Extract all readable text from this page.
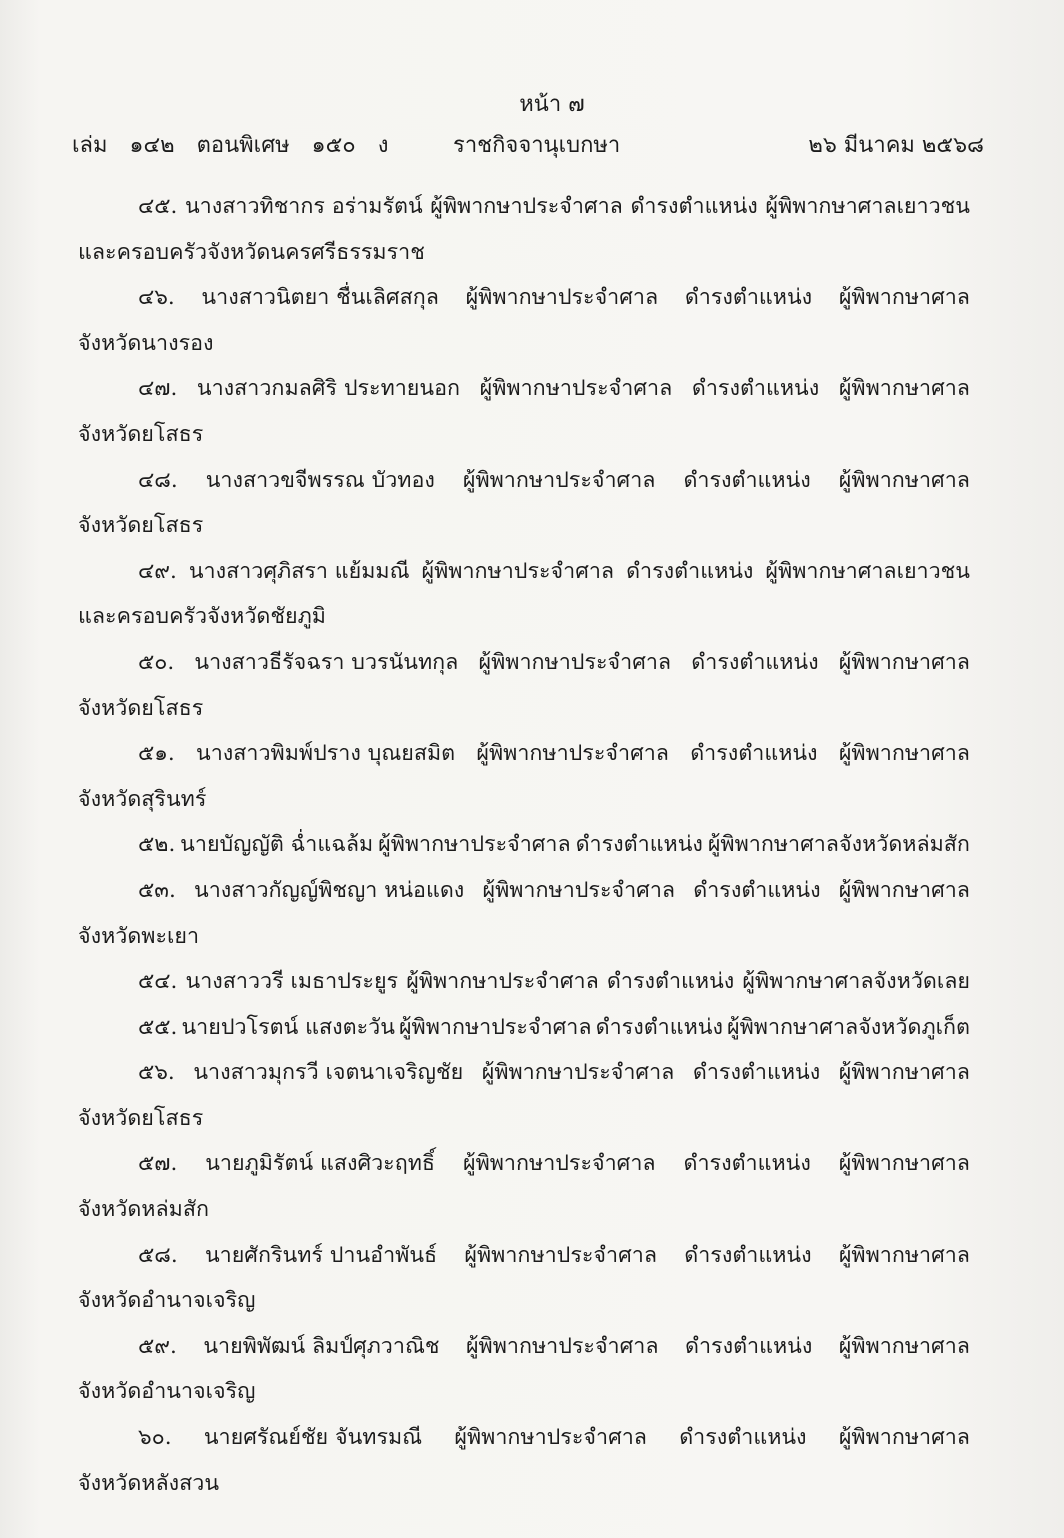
หน้า ๗
เล่ม ๑๔๒ ตอนพิเศษ ๑๕๐ ง	ราชกิจจานุเบกษา	๒๖ มีนาคม ๒๕๖๘
๔๕. นางสาวทิชากร อร่ามรัตน์ ผู้พิพากษาประจำศาล ดำรงตำแหน่ง ผู้พิพากษาศาลเยาวชน
และครอบครัวจังหวัดนครศรีธรรมราช
๔๖. นางสาวนิตยา ชื่นเลิศสกุล ผู้พิพากษาประจำศาล ดำรงตำแหน่ง ผู้พิพากษาศาล
จังหวัดนางรอง
๔๗. นางสาวกมลศิริ ประทายนอก ผู้พิพากษาประจำศาล ดำรงตำแหน่ง ผู้พิพากษาศาล
จังหวัดยโสธร
๔๘. นางสาวขจีพรรณ บัวทอง ผู้พิพากษาประจำศาล ดำรงตำแหน่ง ผู้พิพากษาศาล
จังหวัดยโสธร
๔๙. นางสาวศุภิสรา แย้มมณี ผู้พิพากษาประจำศาล ดำรงตำแหน่ง ผู้พิพากษาศาลเยาวชน
และครอบครัวจังหวัดชัยภูมิ
๕๐. นางสาวธีรัจฉรา บวรนันทกุล ผู้พิพากษาประจำศาล ดำรงตำแหน่ง ผู้พิพากษาศาล
จังหวัดยโสธร
๕๑. นางสาวพิมพ์ปราง บุณยสมิต ผู้พิพากษาประจำศาล ดำรงตำแหน่ง ผู้พิพากษาศาล
จังหวัดสุรินทร์
๕๒. นายบัญญัติ ฉ่ำแฉล้ม ผู้พิพากษาประจำศาล ดำรงตำแหน่ง ผู้พิพากษาศาลจังหวัดหล่มสัก
๕๓. นางสาวกัญญ์พิชญา หน่อแดง ผู้พิพากษาประจำศาล ดำรงตำแหน่ง ผู้พิพากษาศาล
จังหวัดพะเยา
๕๔. นางสาววรี เมธาประยูร ผู้พิพากษาประจำศาล ดำรงตำแหน่ง ผู้พิพากษาศาลจังหวัดเลย
๕๕. นายปวโรตน์ แสงตะวัน ผู้พิพากษาประจำศาล ดำรงตำแหน่ง ผู้พิพากษาศาลจังหวัดภูเก็ต
๕๖. นางสาวมุกรวี เจตนาเจริญชัย ผู้พิพากษาประจำศาล ดำรงตำแหน่ง ผู้พิพากษาศาล
จังหวัดยโสธร
๕๗. นายภูมิรัตน์ แสงศิวะฤทธิ์ ผู้พิพากษาประจำศาล ดำรงตำแหน่ง ผู้พิพากษาศาล
จังหวัดหล่มสัก
๕๘. นายศักรินทร์ ปานอำพันธ์ ผู้พิพากษาประจำศาล ดำรงตำแหน่ง ผู้พิพากษาศาล
จังหวัดอำนาจเจริญ
๕๙. นายพิพัฒน์ ลิมป์ศุภวาณิช ผู้พิพากษาประจำศาล ดำรงตำแหน่ง ผู้พิพากษาศาล
จังหวัดอำนาจเจริญ
๖๐. นายศรัณย์ชัย จันทรมณี ผู้พิพากษาประจำศาล ดำรงตำแหน่ง ผู้พิพากษาศาล
จังหวัดหลังสวน
